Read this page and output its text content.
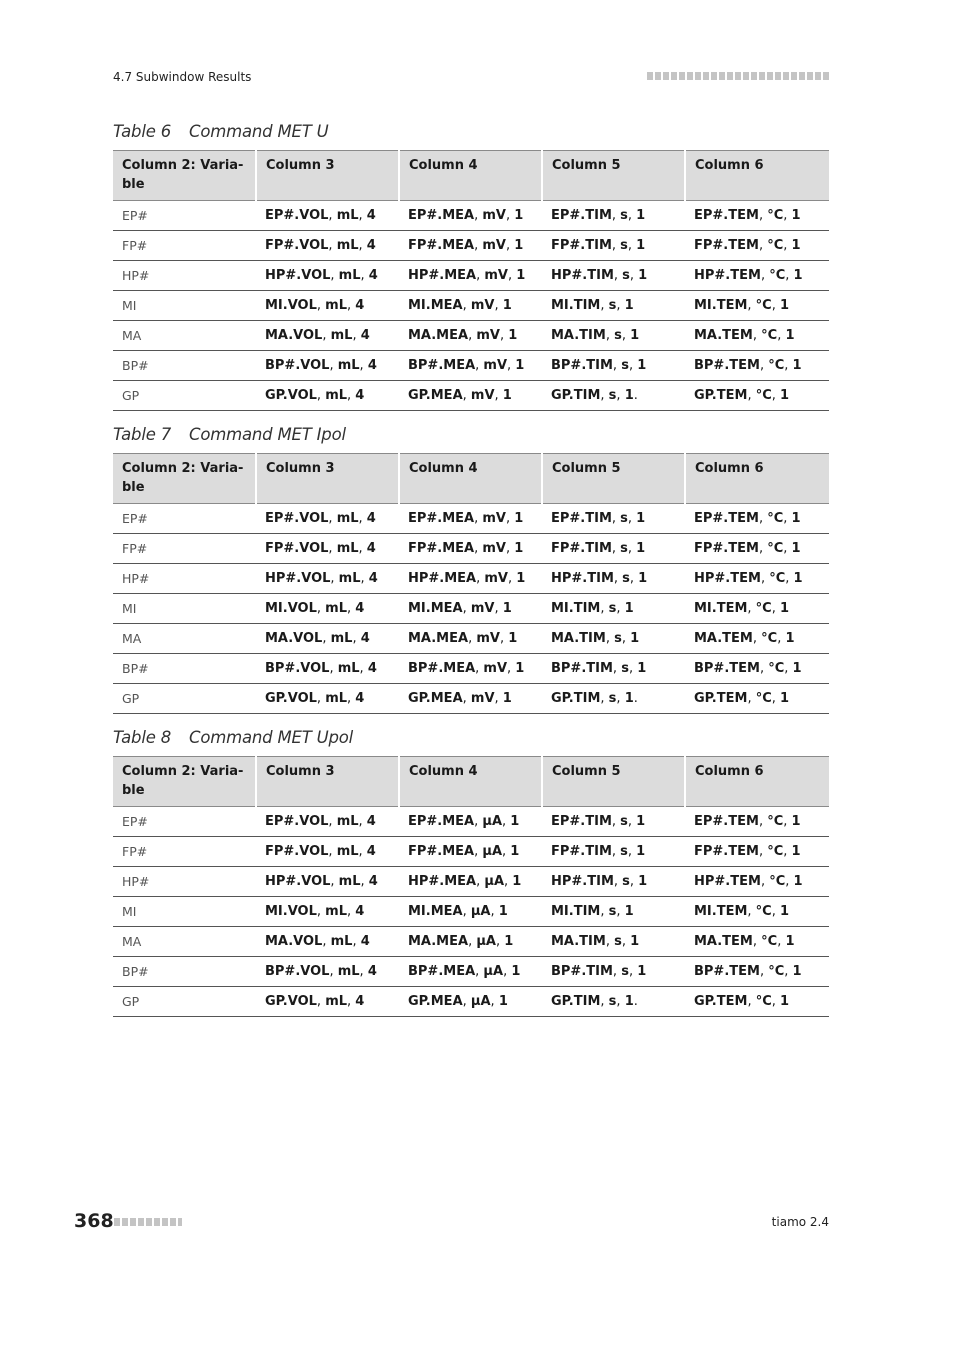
4.7 Subwindow Results
Table 6 Command MET U
Column 2: Varia-
ble	Column 3	Column 4	Column 5	Column 6
EP#	EP#.VOL, mL, 4	EP#.MEA, mV, 1	EP#.TIM, s, 1	EP#.TEM, °C, 1
FP#	FP#.VOL, mL, 4	FP#.MEA, mV, 1	FP#.TIM, s, 1	FP#.TEM, °C, 1
HP#	HP#.VOL, mL, 4	HP#.MEA, mV, 1	HP#.TIM, s, 1	HP#.TEM, °C, 1
MI	MI.VOL, mL, 4	MI.MEA, mV, 1	MI.TIM, s, 1	MI.TEM, °C, 1
MA	MA.VOL, mL, 4	MA.MEA, mV, 1	MA.TIM, s, 1	MA.TEM, °C, 1
BP#	BP#.VOL, mL, 4	BP#.MEA, mV, 1	BP#.TIM, s, 1	BP#.TEM, °C, 1
GP	GP.VOL, mL, 4	GP.MEA, mV, 1	GP.TIM, s, 1.	GP.TEM, °C, 1
Table 7 Command MET Ipol
Column 2: Varia-
ble	Column 3	Column 4	Column 5	Column 6
EP#	EP#.VOL, mL, 4	EP#.MEA, mV, 1	EP#.TIM, s, 1	EP#.TEM, °C, 1
FP#	FP#.VOL, mL, 4	FP#.MEA, mV, 1	FP#.TIM, s, 1	FP#.TEM, °C, 1
HP#	HP#.VOL, mL, 4	HP#.MEA, mV, 1	HP#.TIM, s, 1	HP#.TEM, °C, 1
MI	MI.VOL, mL, 4	MI.MEA, mV, 1	MI.TIM, s, 1	MI.TEM, °C, 1
MA	MA.VOL, mL, 4	MA.MEA, mV, 1	MA.TIM, s, 1	MA.TEM, °C, 1
BP#	BP#.VOL, mL, 4	BP#.MEA, mV, 1	BP#.TIM, s, 1	BP#.TEM, °C, 1
GP	GP.VOL, mL, 4	GP.MEA, mV, 1	GP.TIM, s, 1.	GP.TEM, °C, 1
Table 8 Command MET Upol
Column 2: Varia-
ble	Column 3	Column 4	Column 5	Column 6
EP#	EP#.VOL, mL, 4	EP#.MEA, µA, 1	EP#.TIM, s, 1	EP#.TEM, °C, 1
FP#	FP#.VOL, mL, 4	FP#.MEA, µA, 1	FP#.TIM, s, 1	FP#.TEM, °C, 1
HP#	HP#.VOL, mL, 4	HP#.MEA, µA, 1	HP#.TIM, s, 1	HP#.TEM, °C, 1
MI	MI.VOL, mL, 4	MI.MEA, µA, 1	MI.TIM, s, 1	MI.TEM, °C, 1
MA	MA.VOL, mL, 4	MA.MEA, µA, 1	MA.TIM, s, 1	MA.TEM, °C, 1
BP#	BP#.VOL, mL, 4	BP#.MEA, µA, 1	BP#.TIM, s, 1	BP#.TEM, °C, 1
GP	GP.VOL, mL, 4	GP.MEA, µA, 1	GP.TIM, s, 1.	GP.TEM, °C, 1
368	tiamo 2.4
